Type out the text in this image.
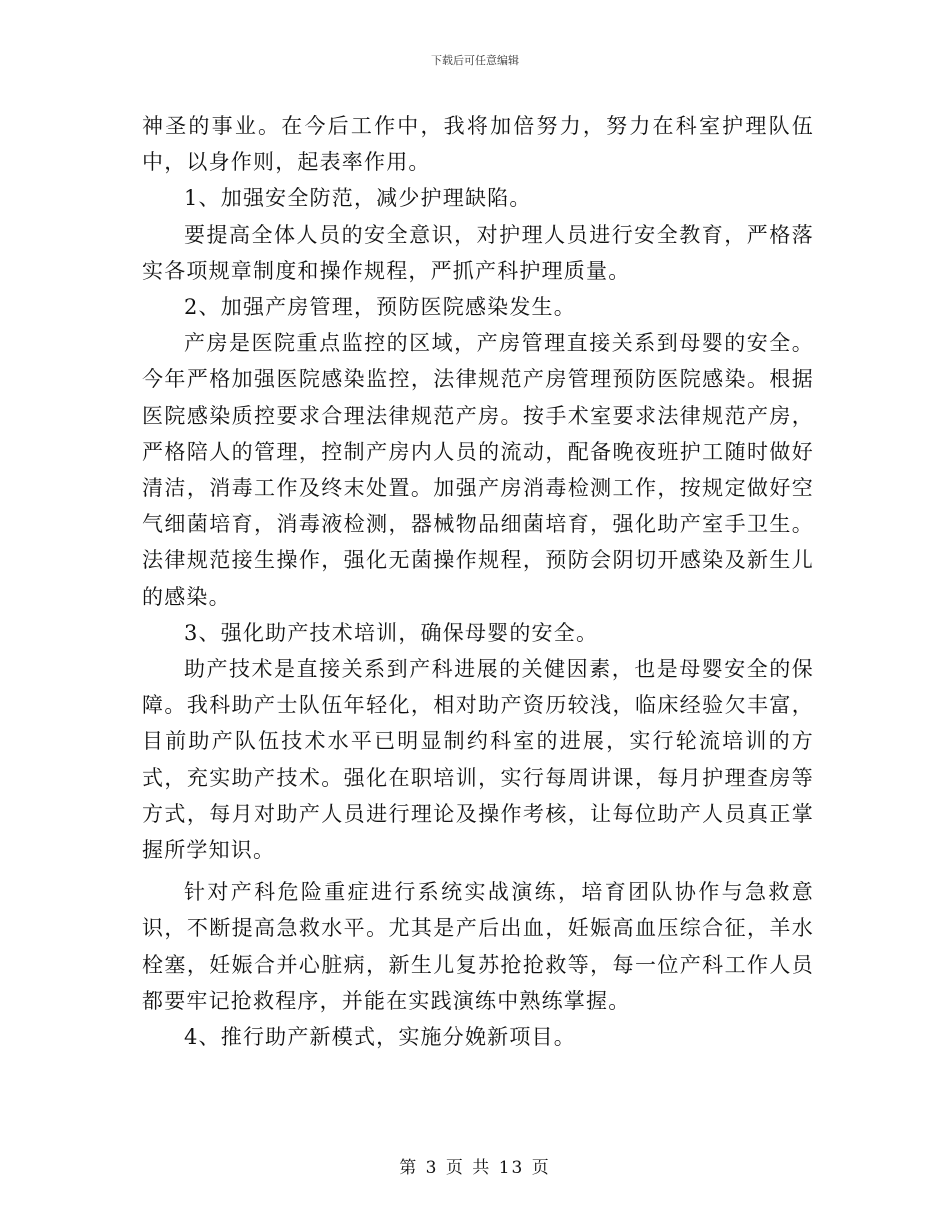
下载后可任意编辑

神圣的事业。在今后工作中，我将加倍努力，努力在科室护理队伍中，以身作则，起表率作用。

1、加强安全防范，减少护理缺陷。

要提高全体人员的安全意识，对护理人员进行安全教育，严格落实各项规章制度和操作规程，严抓产科护理质量。

2、加强产房管理，预防医院感染发生。

产房是医院重点监控的区域，产房管理直接关系到母婴的安全。今年严格加强医院感染监控，法律规范产房管理预防医院感染。根据医院感染质控要求合理法律规范产房。按手术室要求法律规范产房，严格陪人的管理，控制产房内人员的流动，配备晚夜班护工随时做好清洁，消毒工作及终末处置。加强产房消毒检测工作，按规定做好空气细菌培育，消毒液检测，器械物品细菌培育，强化助产室手卫生。法律规范接生操作，强化无菌操作规程，预防会阴切开感染及新生儿的感染。

3、强化助产技术培训，确保母婴的安全。

助产技术是直接关系到产科进展的关健因素，也是母婴安全的保障。我科助产士队伍年轻化，相对助产资历较浅，临床经验欠丰富，目前助产队伍技术水平已明显制约科室的进展，实行轮流培训的方式，充实助产技术。强化在职培训，实行每周讲课，每月护理查房等方式，每月对助产人员进行理论及操作考核，让每位助产人员真正掌握所学知识。

针对产科危险重症进行系统实战演练，培育团队协作与急救意识，不断提高急救水平。尤其是产后出血，妊娠高血压综合征，羊水栓塞，妊娠合并心脏病，新生儿复苏抢抢救等，每一位产科工作人员都要牢记抢救程序，并能在实践演练中熟练掌握。

4、推行助产新模式，实施分娩新项目。

第 3 页 共 13 页
